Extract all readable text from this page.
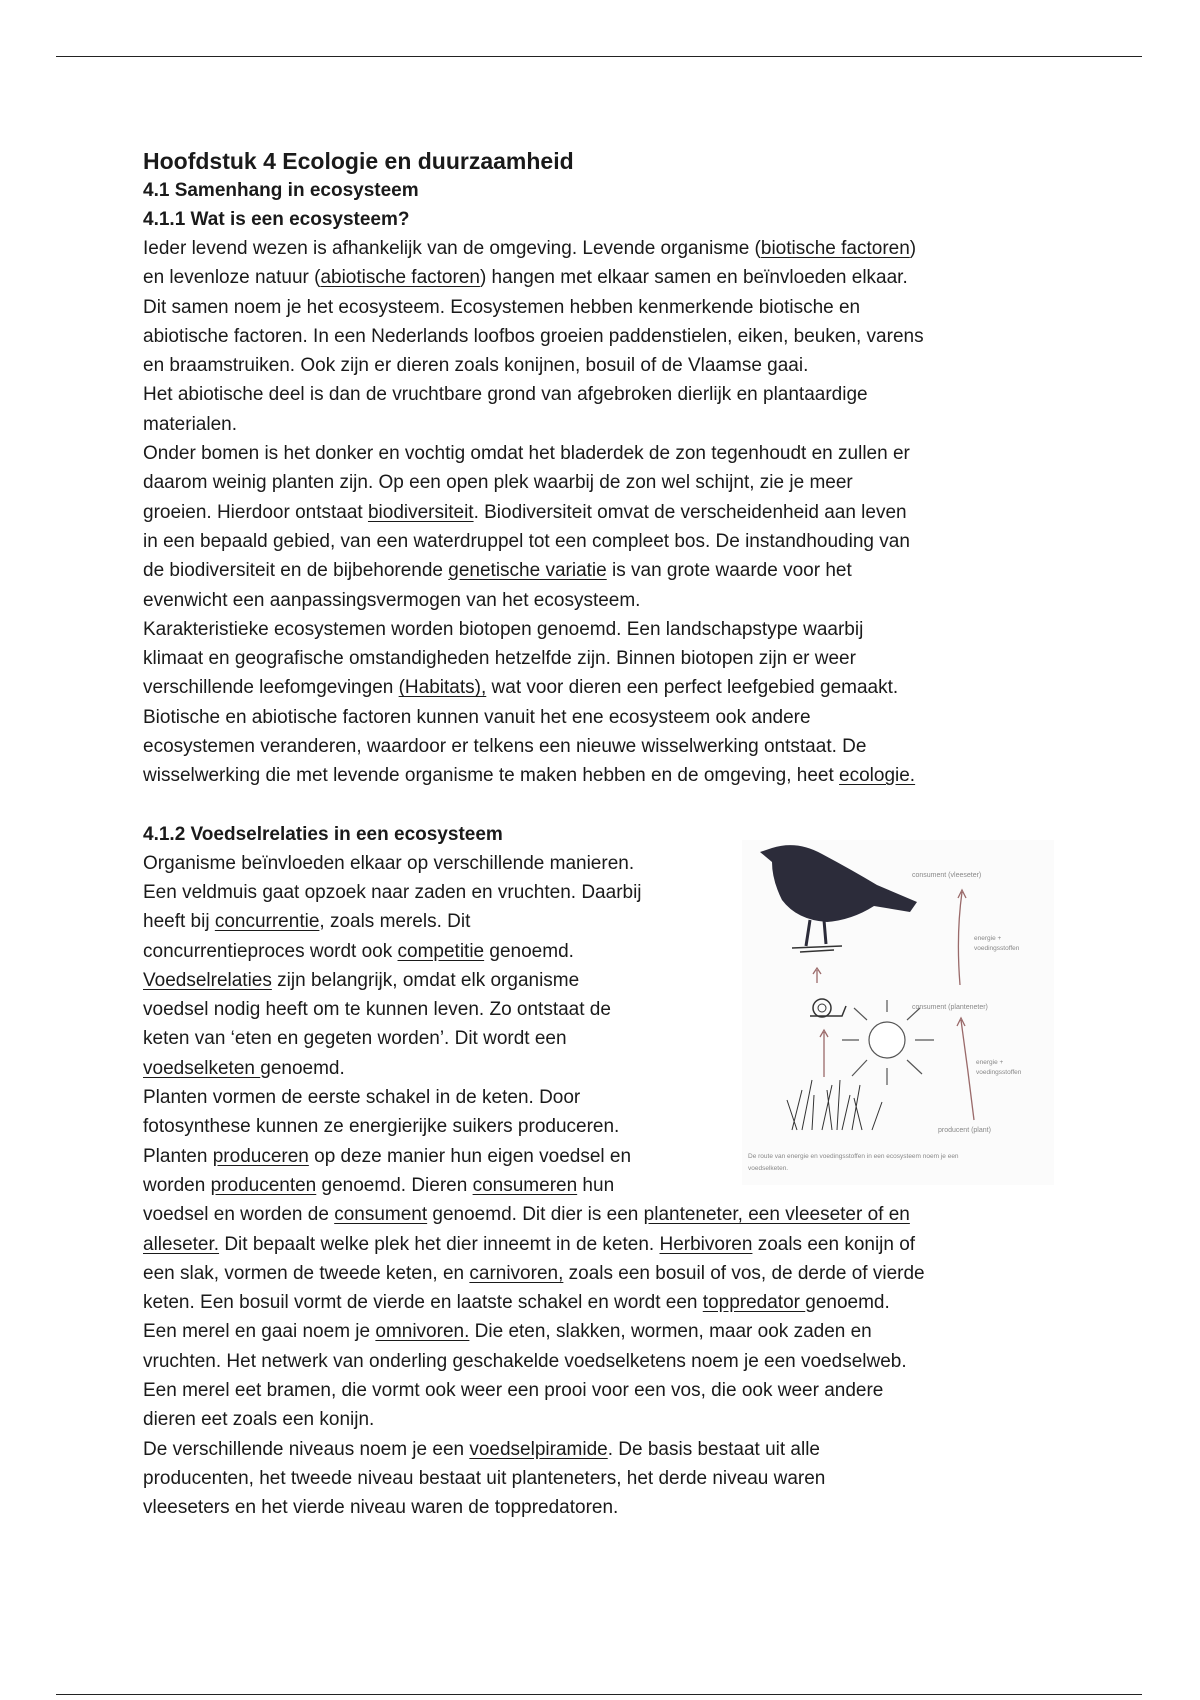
Hoofdstuk 4 Ecologie en duurzaamheid
4.1 Samenhang in ecosysteem
4.1.1 Wat is een ecosysteem?
Ieder levend wezen is afhankelijk van de omgeving. Levende organisme (biotische factoren)
en levenloze natuur (abiotische factoren) hangen met elkaar samen en beïnvloeden elkaar.
Dit samen noem je het ecosysteem. Ecosystemen hebben kenmerkende biotische en
abiotische factoren. In een Nederlands loofbos groeien paddenstielen, eiken, beuken, varens
en braamstruiken. Ook zijn er dieren zoals konijnen, bosuil of de Vlaamse gaai.
Het abiotische deel is dan de vruchtbare grond van afgebroken dierlijk en plantaardige
materialen.
Onder bomen is het donker en vochtig omdat het bladerdek de zon tegenhoudt en zullen er
daarom weinig planten zijn. Op een open plek waarbij de zon wel schijnt, zie je meer
groeien. Hierdoor ontstaat biodiversiteit. Biodiversiteit omvat de verscheidenheid aan leven
in een bepaald gebied, van een waterdruppel tot een compleet bos. De instandhouding van
de biodiversiteit en de bijbehorende genetische variatie is van grote waarde voor het
evenwicht een aanpassingsvermogen van het ecosysteem.
Karakteristieke ecosystemen worden biotopen genoemd. Een landschapstype waarbij
klimaat en geografische omstandigheden hetzelfde zijn. Binnen biotopen zijn er weer
verschillende leefomgevingen (Habitats), wat voor dieren een perfect leefgebied gemaakt.
Biotische en abiotische factoren kunnen vanuit het ene ecosysteem ook andere
ecosystemen veranderen, waardoor er telkens een nieuwe wisselwerking ontstaat. De
wisselwerking die met levende organisme te maken hebben en de omgeving, heet ecologie.
4.1.2 Voedselrelaties in een ecosysteem
Organisme beïnvloeden elkaar op verschillende manieren.
Een veldmuis gaat opzoek naar zaden en vruchten. Daarbij
heeft bij concurrentie, zoals merels. Dit
concurrentieproces wordt ook competitie genoemd.
Voedselrelaties zijn belangrijk, omdat elk organisme
voedsel nodig heeft om te kunnen leven. Zo ontstaat de
keten van ‘eten en gegeten worden’. Dit wordt een
voedselketen genoemd.
Planten vormen de eerste schakel in de keten. Door
fotosynthese kunnen ze energierijke suikers produceren.
Planten produceren op deze manier hun eigen voedsel en
worden producenten genoemd. Dieren consumeren hun
voedsel en worden de consument genoemd. Dit dier is een planteneter, een vleeseter of en
alleseter. Dit bepaalt welke plek het dier inneemt in de keten. Herbivoren zoals een konijn of
een slak, vormen de tweede keten, en carnivoren, zoals een bosuil of vos, de derde of vierde
keten. Een bosuil vormt de vierde en laatste schakel en wordt een toppredator genoemd.
Een merel en gaai noem je omnivoren. Die eten, slakken, wormen, maar ook zaden en
vruchten. Het netwerk van onderling geschakelde voedselketens noem je een voedselweb.
Een merel eet bramen, die vormt ook weer een prooi voor een vos, die ook weer andere
dieren eet zoals een konijn.
De verschillende niveaus noem je een voedselpiramide. De basis bestaat uit alle
producenten, het tweede niveau bestaat uit planteneters, het derde niveau waren
vleeseters en het vierde niveau waren de toppredatoren.
consument (vleeseter)
energie +
voedingsstoffen
consument (planteneter)
energie +
voedingsstoffen
producent (plant)
De route van energie en voedingsstoffen in een ecosysteem noem je een
voedselketen.
